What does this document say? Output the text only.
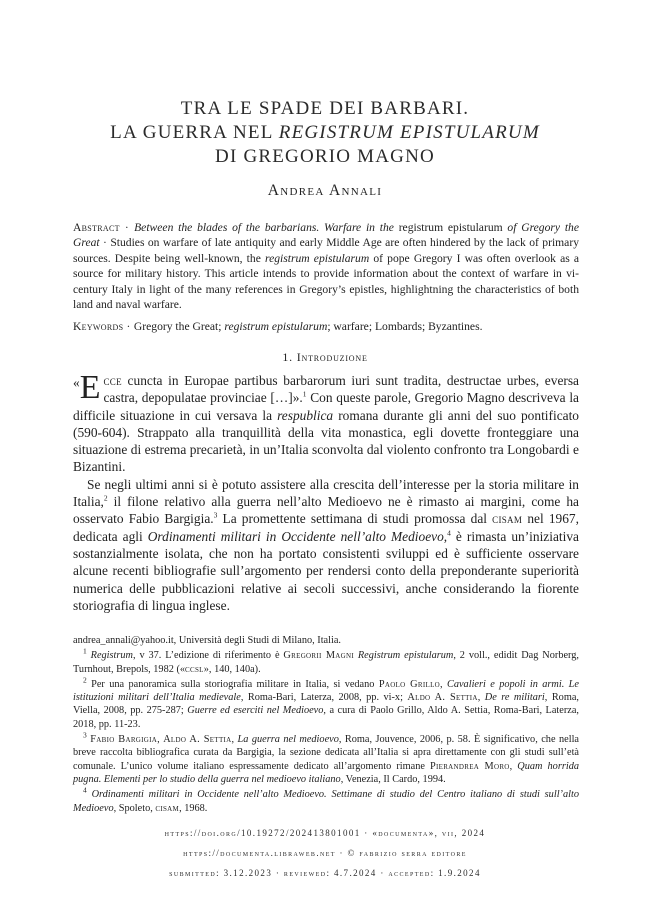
TRA LE SPADE DEI BARBARI.
LA GUERRA NEL REGISTRUM EPISTULARUM
DI GREGORIO MAGNO
Andrea Annali
Abstract · Between the blades of the barbarians. Warfare in the registrum epistularum of Gregory the Great · Studies on warfare of late antiquity and early Middle Age are often hindered by the lack of primary sources. Despite being well-known, the registrum epistularum of pope Gregory I was often overlook as a source for military history. This article intends to provide information about the context of warfare in vi-century Italy in light of the many references in Gregory’s epistles, highlightning the characteristics of both land and naval warfare.
Keywords · Gregory the Great; registrum epistularum; warfare; Lombards; Byzantines.
1. Introduzione

« E cce cuncta in Europae partibus barbarorum iuri sunt tradita, destructae urbes, eversa castra, depopulatae provinciae […]».$^1$ Con queste parole, Gregorio Magno descriveva la difficile situazione in cui versava la respublica romana durante gli anni del suo pontificato (590-604). Strappato alla tranquillità della vita monastica, egli dovette fronteggiare una situazione di estrema precarietà, in un’Italia sconvolta dal violento confronto tra Longobardi e Bizantini.

Se negli ultimi anni si è potuto assistere alla crescita dell’interesse per la storia militare in Italia,$^2$ il filone relativo alla guerra nell’alto Medioevo ne è rimasto ai margini, come ha osservato Fabio Bargigia.$^3$ La promettente settimana di studi promossa dal cisam nel 1967, dedicata agli Ordinamenti militari in Occidente nell’alto Medioevo,$^4$ è rimasta un’iniziativa sostanzialmente isolata, che non ha portato consistenti sviluppi ed è sufficiente osservare alcune recenti bibliografie sull’argomento per rendersi conto della preponderante superiorità numerica delle pubblicazioni relative ai secoli successivi, anche considerando la fiorente storiografia di lingua inglese.

andrea_annali@yahoo.it, Università degli Studi di Milano, Italia.

$^1$ Registrum, v 37. L’edizione di riferimento è Gregorii Magni Registrum epistularum, 2 voll., edidit Dag Norberg, Turnhout, Brepols, 1982 («ccsl», 140, 140a).

$^2$ Per una panoramica sulla storiografia militare in Italia, si vedano Paolo Grillo, Cavalieri e popoli in armi. Le istituzioni militari dell’Italia medievale, Roma-Bari, Laterza, 2008, pp. vi-x; Aldo A. Settia, De re militari, Roma, Viella, 2008, pp. 275-287; Guerre ed eserciti nel Medioevo, a cura di Paolo Grillo, Aldo A. Settia, Roma-Bari, Laterza, 2018, pp. 11-23.

$^3$ Fabio Bargigia, Aldo A. Settia, La guerra nel medioevo, Roma, Jouvence, 2006, p. 58. È significativo, che nella breve raccolta bibliografica curata da Bargigia, la sezione dedicata all’Italia si apra direttamente con gli studi sull’età comunale. L’unico volume italiano espressamente dedicato all’argomento rimane Pierandrea Moro, Quam horrida pugna. Elementi per lo studio della guerra nel medioevo italiano, Venezia, Il Cardo, 1994.

$^4$ Ordinamenti militari in Occidente nell’alto Medioevo. Settimane di studio del Centro italiano di studi sull’alto Medioevo, Spoleto, cisam, 1968.

https://doi.org/10.19272/202413801001 · «documenta», vii, 2024
https://documenta.libraweb.net · © fabrizio serra editore
submitted: 3.12.2023 · reviewed: 4.7.2024 · accepted: 1.9.2024
